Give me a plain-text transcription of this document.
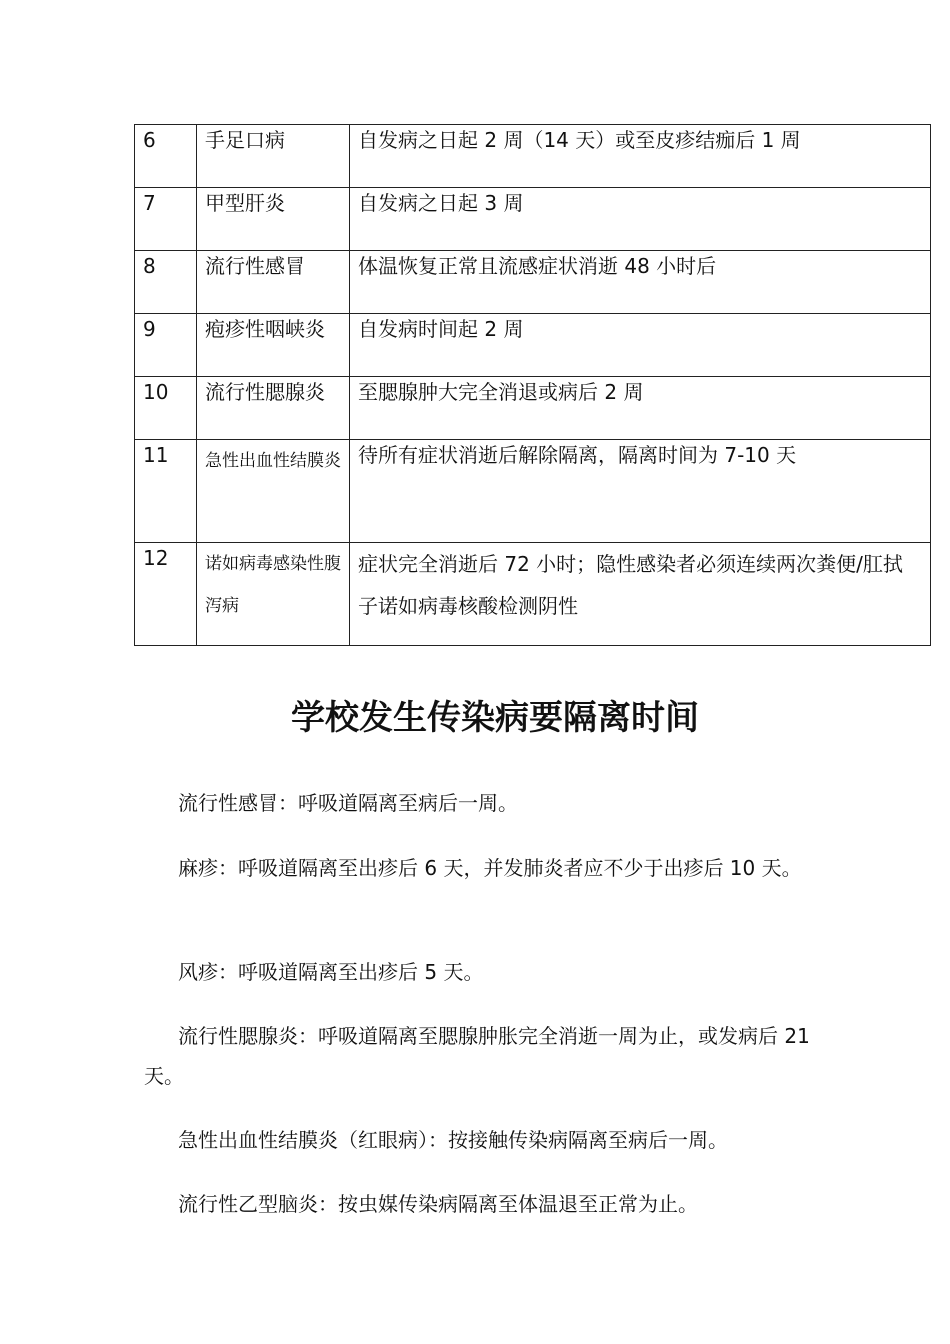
6	手足口病	自发病之日起 2 周（14 天）或至皮疹结痂后 1 周
7	甲型肝炎	自发病之日起 3 周
8	流行性感冒	体温恢复正常且流感症状消逝 48 小时后
9	疱疹性咽峡炎	自发病时间起 2 周
10	流行性腮腺炎	至腮腺肿大完全消退或病后 2 周
11	急性出血性结膜炎	待所有症状消逝后解除隔离，隔离时间为 7-10 天
12	诺如病毒感染性腹泻病	症状完全消逝后 72 小时；隐性感染者必须连续两次粪便/肛拭子诺如病毒核酸检测阴性
学校发生传染病要隔离时间

流行性感冒：呼吸道隔离至病后一周。

麻疹：呼吸道隔离至出疹后 6 天，并发肺炎者应不少于出疹后 10 天。

风疹：呼吸道隔离至出疹后 5 天。

流行性腮腺炎：呼吸道隔离至腮腺肿胀完全消逝一周为止，或发病后 21 天。

急性出血性结膜炎（红眼病）：按接触传染病隔离至病后一周。

流行性乙型脑炎：按虫媒传染病隔离至体温退至正常为止。
